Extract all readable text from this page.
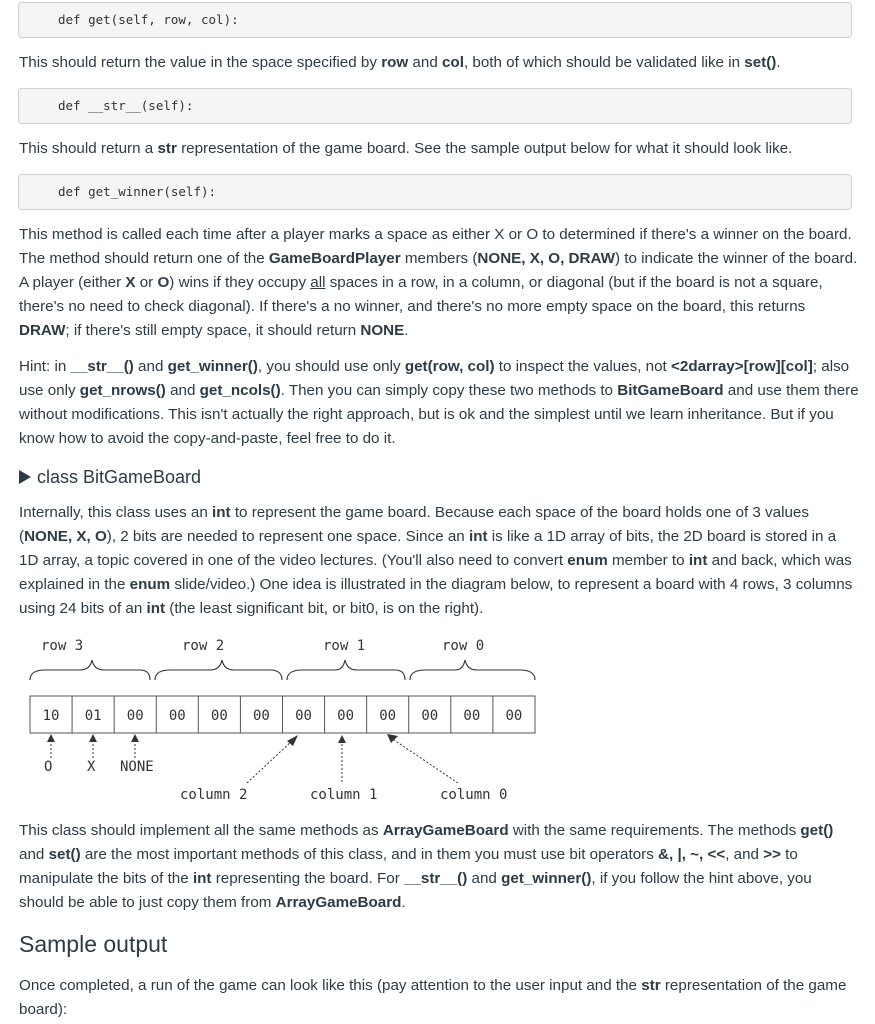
def get(self, row, col):

This should return the value in the space specified by row and col, both of which should be validated like in set().

def __str__(self):

This should return a str representation of the game board. See the sample output below for what it should look like.

def get_winner(self):

This method is called each time after a player marks a space as either X or O to determined if there's a winner on the board. The method should return one of the GameBoardPlayer members (NONE, X, O, DRAW) to indicate the winner of the board. A player (either X or O) wins if they occupy all spaces in a row, in a column, or diagonal (but if the board is not a square, there's no need to check diagonal). If there's a no winner, and there's no more empty space on the board, this returns DRAW; if there's still empty space, it should return NONE.

Hint: in __str__() and get_winner(), you should use only get(row, col) to inspect the values, not <2darray>[row][col]; also use only get_nrows() and get_ncols(). Then you can simply copy these two methods to BitGameBoard and use them there without modifications. This isn't actually the right approach, but is ok and the simplest until we learn inheritance. But if you know how to avoid the copy-and-paste, feel free to do it.

class BitGameBoard

Internally, this class uses an int to represent the game board. Because each space of the board holds one of 3 values (NONE, X, O), 2 bits are needed to represent one space. Since an int is like a 1D array of bits, the 2D board is stored in a 1D array, a topic covered in one of the video lectures. (You'll also need to convert enum member to int and back, which was explained in the enum slide/video.) One idea is illustrated in the diagram below, to represent a board with 4 rows, 3 columns using 24 bits of an int (the least significant bit, or bit0, is on the right).

row 3	row 2	row 1	row 0
10 01 00 00 00 00 00 00 00 00 00 00
O X NONE
column 2	column 1	column 0

This class should implement all the same methods as ArrayGameBoard with the same requirements. The methods get() and set() are the most important methods of this class, and in them you must use bit operators &, |, ~, <<, and >> to manipulate the bits of the int representing the board. For __str__() and get_winner(), if you follow the hint above, you should be able to just copy them from ArrayGameBoard.

Sample output

Once completed, a run of the game can look like this (pay attention to the user input and the str representation of the game board):
